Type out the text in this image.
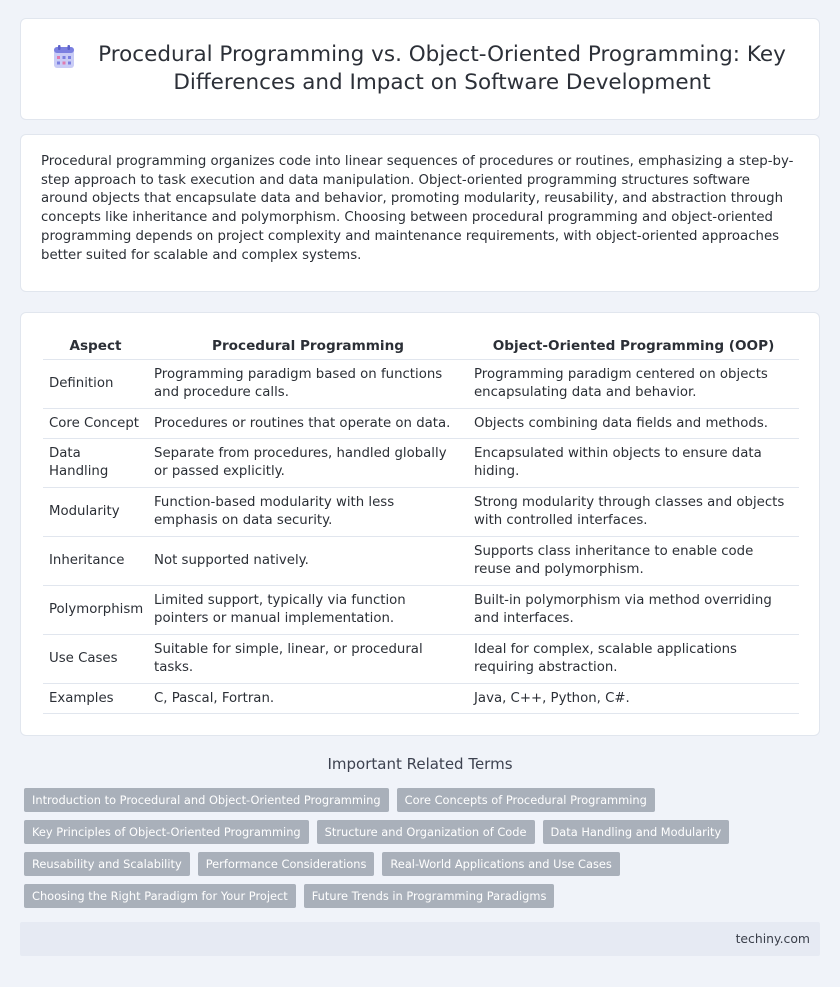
Procedural Programming vs. Object-Oriented Programming: Key Differences and Impact on Software Development

Procedural programming organizes code into linear sequences of procedures or routines, emphasizing a step-by-step approach to task execution and data manipulation. Object-oriented programming structures software around objects that encapsulate data and behavior, promoting modularity, reusability, and abstraction through concepts like inheritance and polymorphism. Choosing between procedural programming and object-oriented programming depends on project complexity and maintenance requirements, with object-oriented approaches better suited for scalable and complex systems.

Aspect	Procedural Programming	Object-Oriented Programming (OOP)
Definition	Programming paradigm based on functions and procedure calls.	Programming paradigm centered on objects encapsulating data and behavior.
Core Concept	Procedures or routines that operate on data.	Objects combining data fields and methods.
Data Handling	Separate from procedures, handled globally or passed explicitly.	Encapsulated within objects to ensure data hiding.
Modularity	Function-based modularity with less emphasis on data security.	Strong modularity through classes and objects with controlled interfaces.
Inheritance	Not supported natively.	Supports class inheritance to enable code reuse and polymorphism.
Polymorphism	Limited support, typically via function pointers or manual implementation.	Built-in polymorphism via method overriding and interfaces.
Use Cases	Suitable for simple, linear, or procedural tasks.	Ideal for complex, scalable applications requiring abstraction.
Examples	C, Pascal, Fortran.	Java, C++, Python, C#.
Important Related Terms
Introduction to Procedural and Object-Oriented Programming	Core Concepts of Procedural Programming
Key Principles of Object-Oriented Programming	Structure and Organization of Code	Data Handling and Modularity
Reusability and Scalability	Performance Considerations	Real-World Applications and Use Cases
Choosing the Right Paradigm for Your Project	Future Trends in Programming Paradigms
techiny.com
